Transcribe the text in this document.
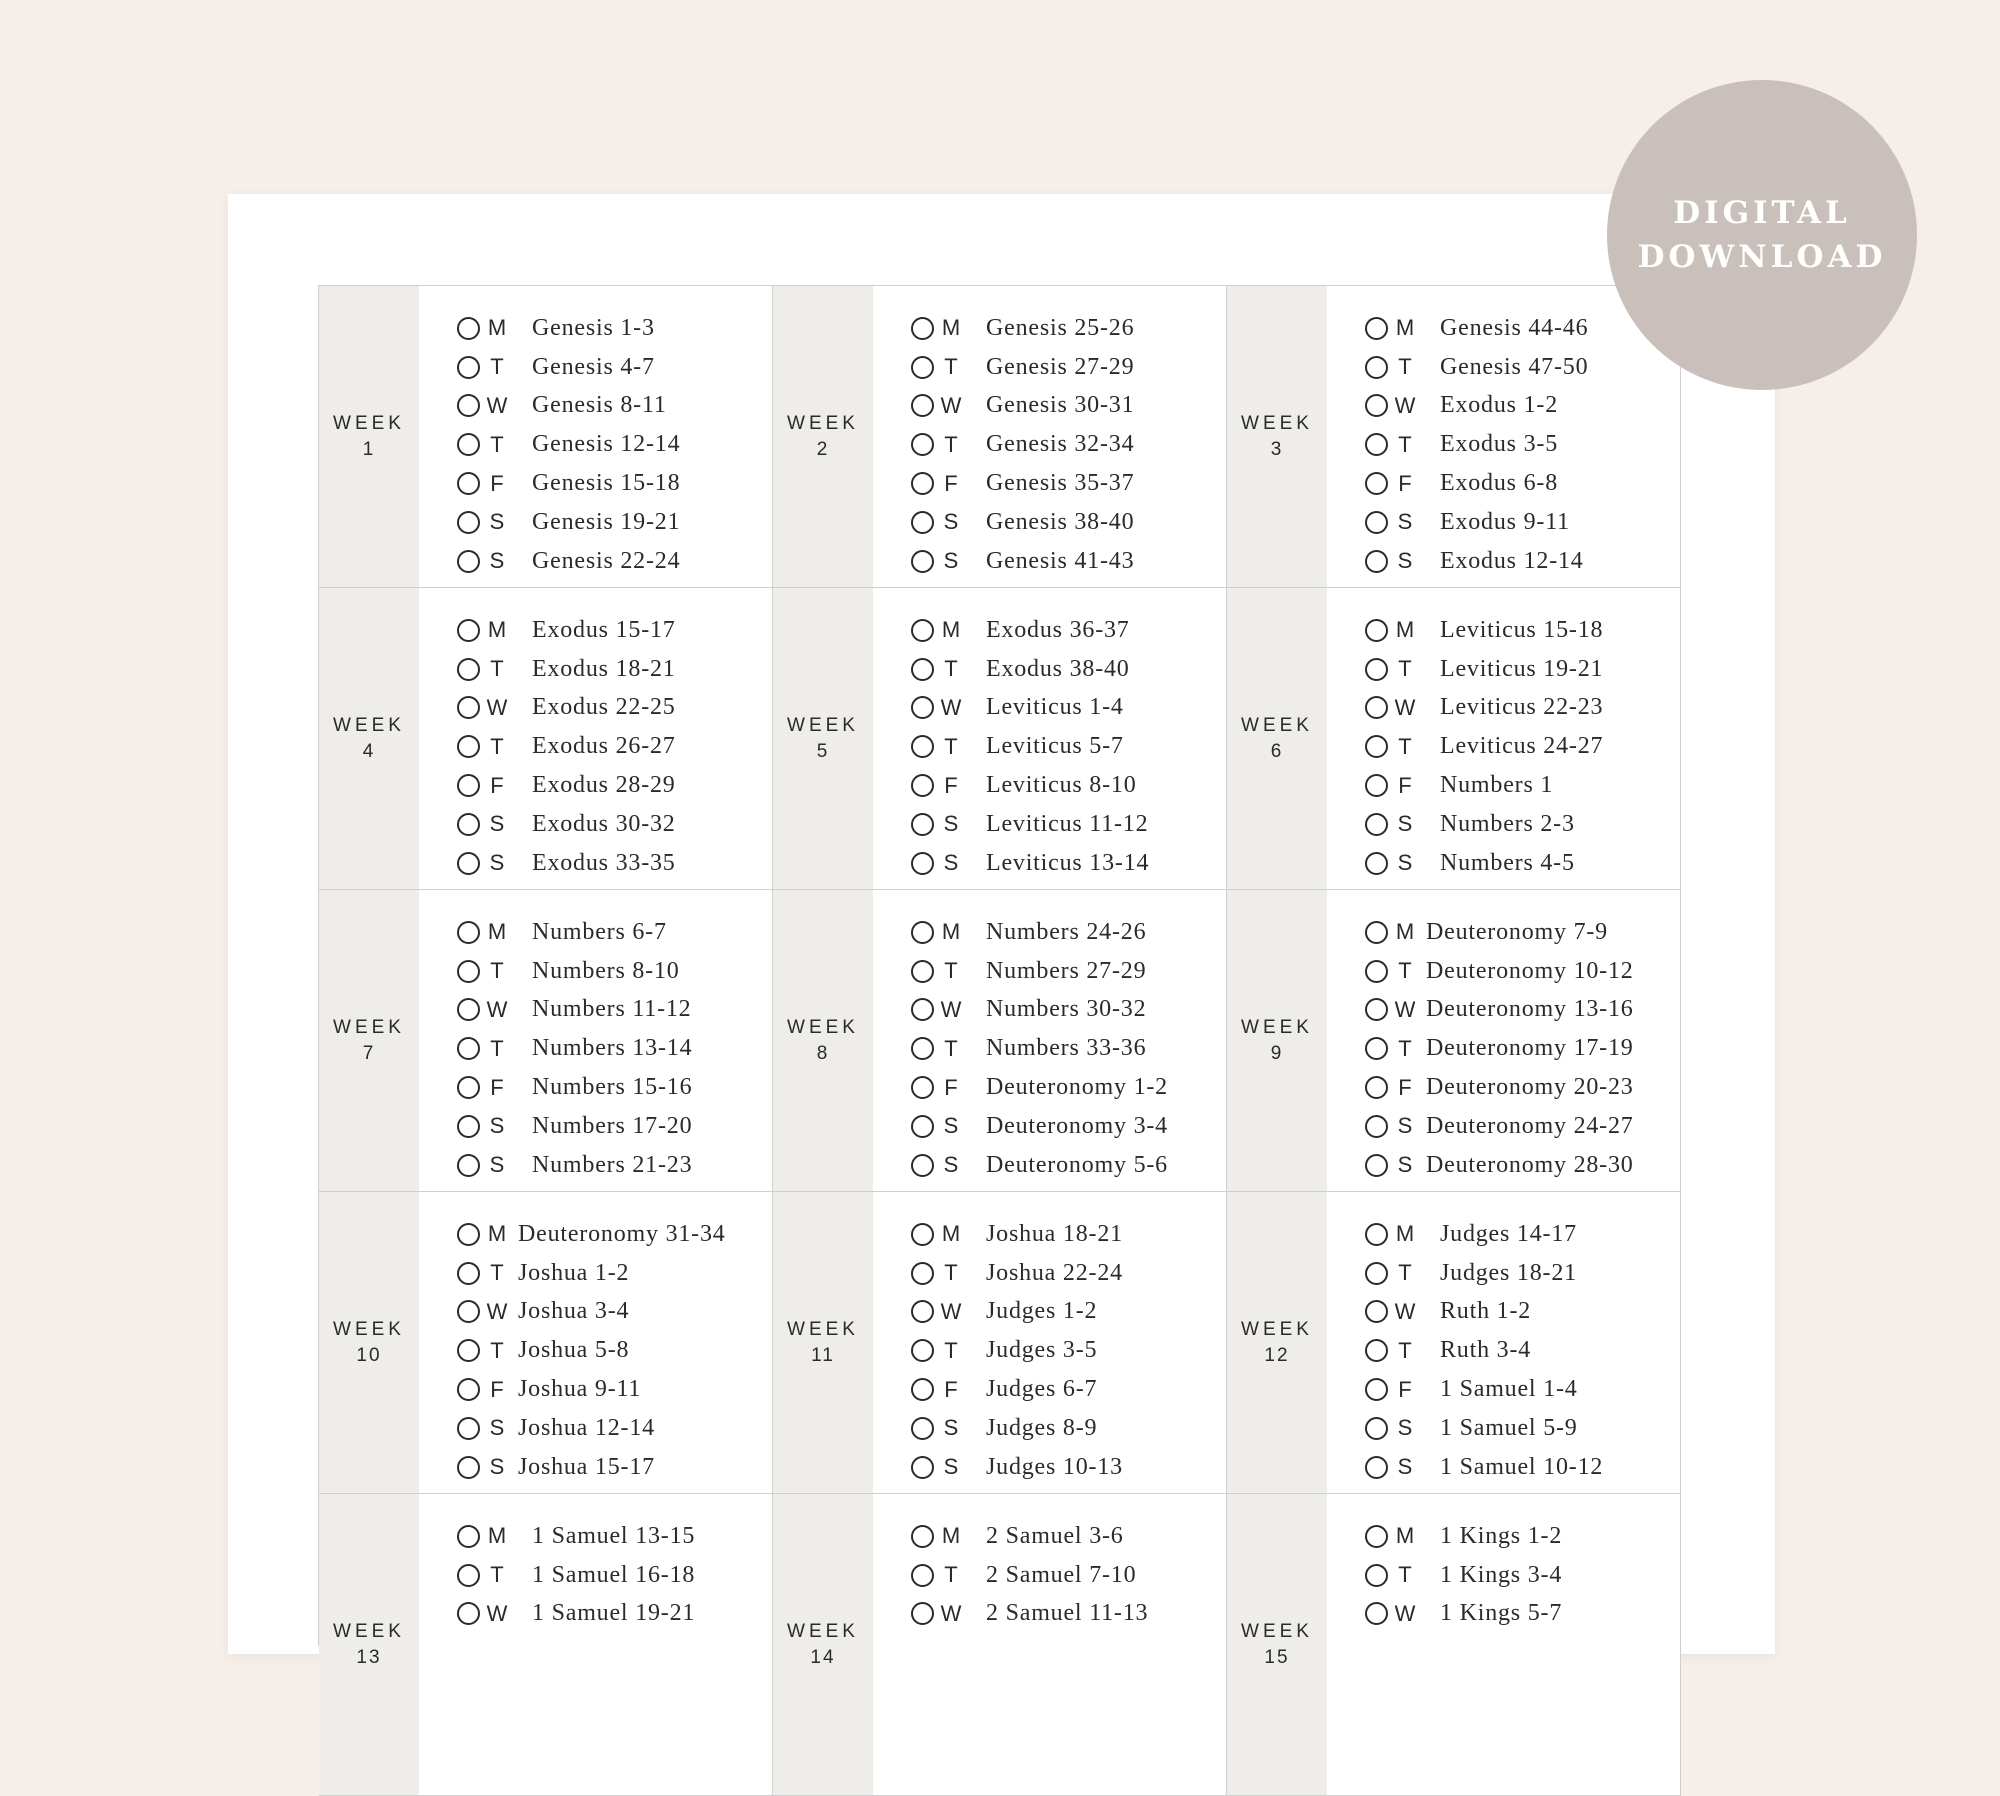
WEEK
1
M Genesis 1-3
T Genesis 4-7
W Genesis 8-11
T Genesis 12-14
F Genesis 15-18
S Genesis 19-21
S Genesis 22-24
WEEK
2
M Genesis 25-26
T Genesis 27-29
W Genesis 30-31
T Genesis 32-34
F Genesis 35-37
S Genesis 38-40
S Genesis 41-43
WEEK
3
M Genesis 44-46
T Genesis 47-50
W Exodus 1-2
T Exodus 3-5
F Exodus 6-8
S Exodus 9-11
S Exodus 12-14
WEEK
4
M Exodus 15-17
T Exodus 18-21
W Exodus 22-25
T Exodus 26-27
F Exodus 28-29
S Exodus 30-32
S Exodus 33-35
WEEK
5
M Exodus 36-37
T Exodus 38-40
W Leviticus 1-4
T Leviticus 5-7
F Leviticus 8-10
S Leviticus 11-12
S Leviticus 13-14
WEEK
6
M Leviticus 15-18
T Leviticus 19-21
W Leviticus 22-23
T Leviticus 24-27
F Numbers 1
S Numbers 2-3
S Numbers 4-5
WEEK
7
M Numbers 6-7
T Numbers 8-10
W Numbers 11-12
T Numbers 13-14
F Numbers 15-16
S Numbers 17-20
S Numbers 21-23
WEEK
8
M Numbers 24-26
T Numbers 27-29
W Numbers 30-32
T Numbers 33-36
F Deuteronomy 1-2
S Deuteronomy 3-4
S Deuteronomy 5-6
WEEK
9
M Deuteronomy 7-9
T Deuteronomy 10-12
W Deuteronomy 13-16
T Deuteronomy 17-19
F Deuteronomy 20-23
S Deuteronomy 24-27
S Deuteronomy 28-30
WEEK
10
M Deuteronomy 31-34
T Joshua 1-2
W Joshua 3-4
T Joshua 5-8
F Joshua 9-11
S Joshua 12-14
S Joshua 15-17
WEEK
11
M Joshua 18-21
T Joshua 22-24
W Judges 1-2
T Judges 3-5
F Judges 6-7
S Judges 8-9
S Judges 10-13
WEEK
12
M Judges 14-17
T Judges 18-21
W Ruth 1-2
T Ruth 3-4
F 1 Samuel 1-4
S 1 Samuel 5-9
S 1 Samuel 10-12
WEEK
13
M 1 Samuel 13-15
T 1 Samuel 16-18
W 1 Samuel 19-21
WEEK
14
M 2 Samuel 3-6
T 2 Samuel 7-10
W 2 Samuel 11-13
WEEK
15
M 1 Kings 1-2
T 1 Kings 3-4
W 1 Kings 5-7
DIGITAL
DOWNLOAD
